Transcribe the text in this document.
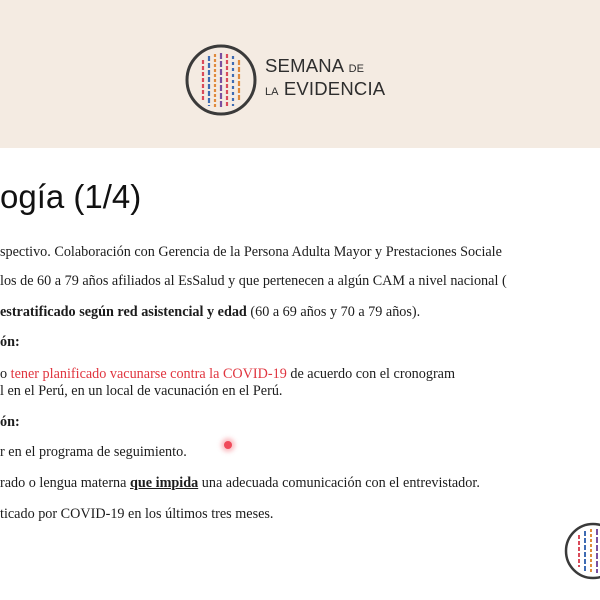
SEMANA DE
LA EVIDENCIA
ogía (1/4)
spectivo. Colaboración con Gerencia de la Persona Adulta Mayor y Prestaciones Sociale
los de 60 a 79 años afiliados al EsSalud y que pertenecen a algún CAM a nivel nacional (
estratificado según red asistencial y edad (60 a 69 años y 70 a 79 años).
ón:
o tener planificado vacunarse contra la COVID-19 de acuerdo con el cronogram
l en el Perú, en un local de vacunación en el Perú.
ón:
r en el programa de seguimiento.
rado o lengua materna que impida una adecuada comunicación con el entrevistador.
ticado por COVID-19 en los últimos tres meses.
